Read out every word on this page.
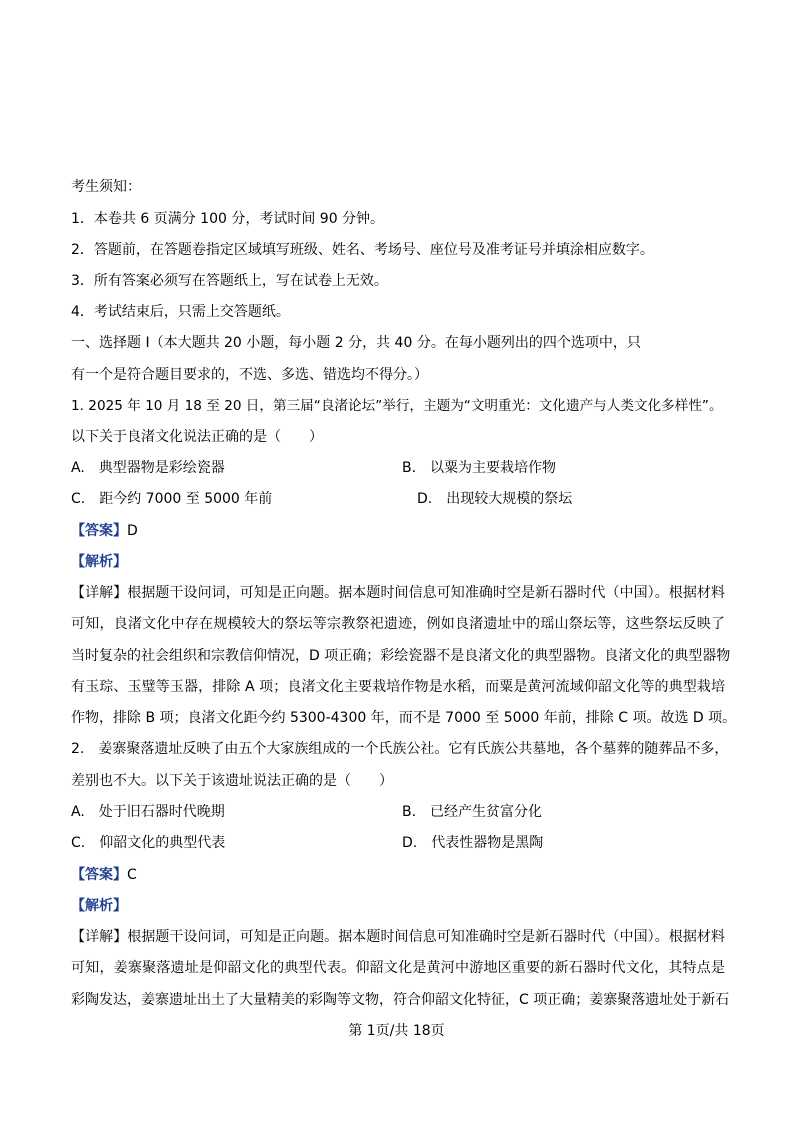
考生须知：
1．本卷共 6 页满分 100 分，考试时间 90 分钟。
2．答题前，在答题卷指定区域填写班级、姓名、考场号、座位号及准考证号并填涂相应数字。
3．所有答案必须写在答题纸上，写在试卷上无效。
4．考试结束后，只需上交答题纸。
一、选择题 I（本大题共 20 小题，每小题 2 分，共 40 分。在每小题列出的四个选项中，只
有一个是符合题目要求的，不选、多选、错选均不得分。）
1. 2025 年 10 月 18 至 20 日，第三届“良渚论坛”举行，主题为“文明重光：文化遗产与人类文化多样性”。
以下关于良渚文化说法正确的是（　　）
A.　典型器物是彩绘瓷器	B.　以粟为主要栽培作物
C.　距今约 7000 至 5000 年前	D.　出现较大规模的祭坛
【答案】D
【解析】
【详解】根据题干设问词，可知是正向题。据本题时间信息可知准确时空是新石器时代（中国）。根据材料
可知，良渚文化中存在规模较大的祭坛等宗教祭祀遗迹，例如良渚遗址中的瑶山祭坛等，这些祭坛反映了
当时复杂的社会组织和宗教信仰情况，D 项正确；彩绘瓷器不是良渚文化的典型器物。良渚文化的典型器物
有玉琮、玉璧等玉器，排除 A 项；良渚文化主要栽培作物是水稻，而粟是黄河流域仰韶文化等的典型栽培
作物，排除 B 项；良渚文化距今约 5300-4300 年，而不是 7000 至 5000 年前，排除 C 项。故选 D 项。
2.　姜寨聚落遗址反映了由五个大家族组成的一个氏族公社。它有氏族公共墓地，各个墓葬的随葬品不多，
差别也不大。以下关于该遗址说法正确的是（　　）
A.　处于旧石器时代晚期	B.　已经产生贫富分化
C.　仰韶文化的典型代表	D.　代表性器物是黑陶
【答案】C
【解析】
【详解】根据题干设问词，可知是正向题。据本题时间信息可知准确时空是新石器时代（中国）。根据材料
可知，姜寨聚落遗址是仰韶文化的典型代表。仰韶文化是黄河中游地区重要的新石器时代文化，其特点是
彩陶发达，姜寨遗址出土了大量精美的彩陶等文物，符合仰韶文化特征，C 项正确；姜寨聚落遗址处于新石
第 1页/共 18页
